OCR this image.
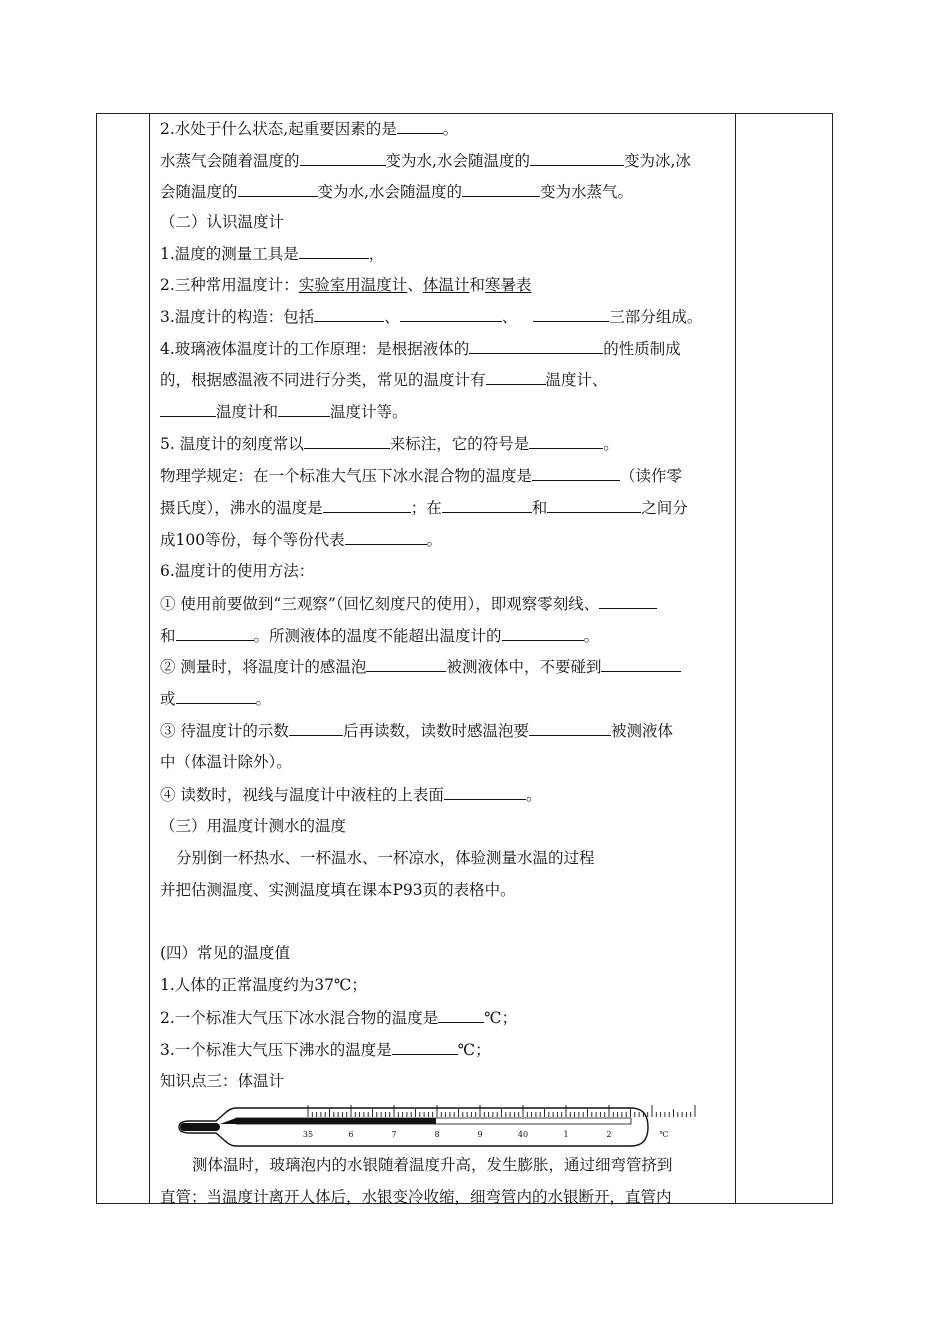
2.水处于什么状态,起重要因素的是	。
水蒸气会随着温度的	变为水,水会随温度的	变为冰,冰
会随温度的	变为水,水会随温度的	变为水蒸气。
（二）认识温度计
1.温度的测量工具是	，
2.三种常用温度计：实验室用温度计、体温计和寒暑表
3.温度计的构造：包括	、	、	三部分组成。
4.玻璃液体温度计的工作原理：是根据液体的	的性质制成
的，根据感温液不同进行分类，常见的温度计有	温度计、
温度计和	温度计等。
5. 温度计的刻度常以	来标注，它的符号是	。
物理学规定：在一个标准大气压下冰水混合物的温度是	（读作零
摄氏度），沸水的温度是	；在	和	之间分
成100等份，每个等份代表	。
6.温度计的使用方法：
① 使用前要做到“三观察”（回忆刻度尺的使用），即观察零刻线、
和	。所测液体的温度不能超出温度计的	。
② 测量时，将温度计的感温泡	被测液体中，不要碰到
或	。
③ 待温度计的示数	后再读数，读数时感温泡要	被测液体
中（体温计除外）。
④ 读数时，视线与温度计中液柱的上表面	。
（三）用温度计测水的温度
分别倒一杯热水、一杯温水、一杯凉水，体验测量水温的过程
并把估测温度、实测温度填在课本P93页的表格中。
(四）常见的温度值
1.人体的正常温度约为37℃；
2.一个标准大气压下冰水混合物的温度是	℃；
3.一个标准大气压下沸水的温度是	℃；
知识点三：体温计
测体温时，玻璃泡内的水银随着温度升高，发生膨胀，通过细弯管挤到
直管；当温度计离开人体后，水银变冷收缩，细弯管内的水银断开，直管内
35	6	7	8	9	40	1	2	℃
